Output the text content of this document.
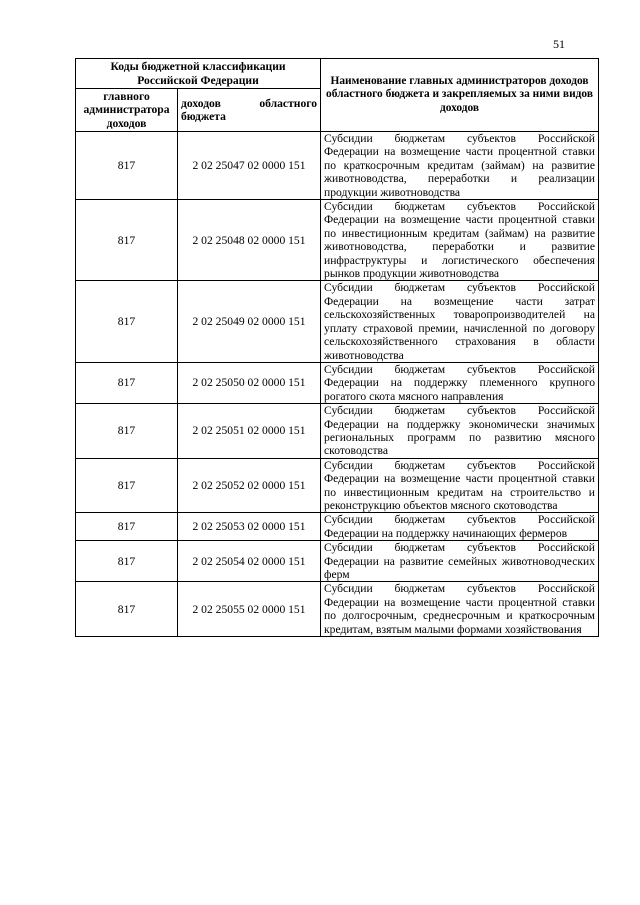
51
Коды бюджетной классификации Российской Федерации		Наименование главных администраторов доходов областного бюджета и закрепляемых за ними видов доходов
главного администратора доходов	доходов областного бюджета	

817	2 02 25047 02 0000 151	Субсидии бюджетам субъектов Российской Федерации на возмещение части процентной ставки по краткосрочным кредитам (займам) на развитие животноводства, переработки и реализации продукции животноводства
817	2 02 25048 02 0000 151	Субсидии бюджетам субъектов Российской Федерации на возмещение части процентной ставки по инвестиционным кредитам (займам) на развитие животноводства, переработки и развитие инфраструктуры и логистического обеспечения рынков продукции животноводства
817	2 02 25049 02 0000 151	Субсидии бюджетам субъектов Российской Федерации на возмещение части затрат сельскохозяйственных товаропроизводителей на уплату страховой премии, начисленной по договору сельскохозяйственного страхования в области животноводства
817	2 02 25050 02 0000 151	Субсидии бюджетам субъектов Российской Федерации на поддержку племенного крупного рогатого скота мясного направления
817	2 02 25051 02 0000 151	Субсидии бюджетам субъектов Российской Федерации на поддержку экономически значимых региональных программ по развитию мясного скотоводства
817	2 02 25052 02 0000 151	Субсидии бюджетам субъектов Российской Федерации на возмещение части процентной ставки по инвестиционным кредитам на строительство и реконструкцию объектов мясного скотоводства
817	2 02 25053 02 0000 151	Субсидии бюджетам субъектов Российской Федерации на поддержку начинающих фермеров
817	2 02 25054 02 0000 151	Субсидии бюджетам субъектов Российской Федерации на развитие семейных животноводческих ферм
817	2 02 25055 02 0000 151	Субсидии бюджетам субъектов Российской Федерации на возмещение части процентной ставки по долгосрочным, среднесрочным и краткосрочным кредитам, взятым малыми формами хозяйствования
